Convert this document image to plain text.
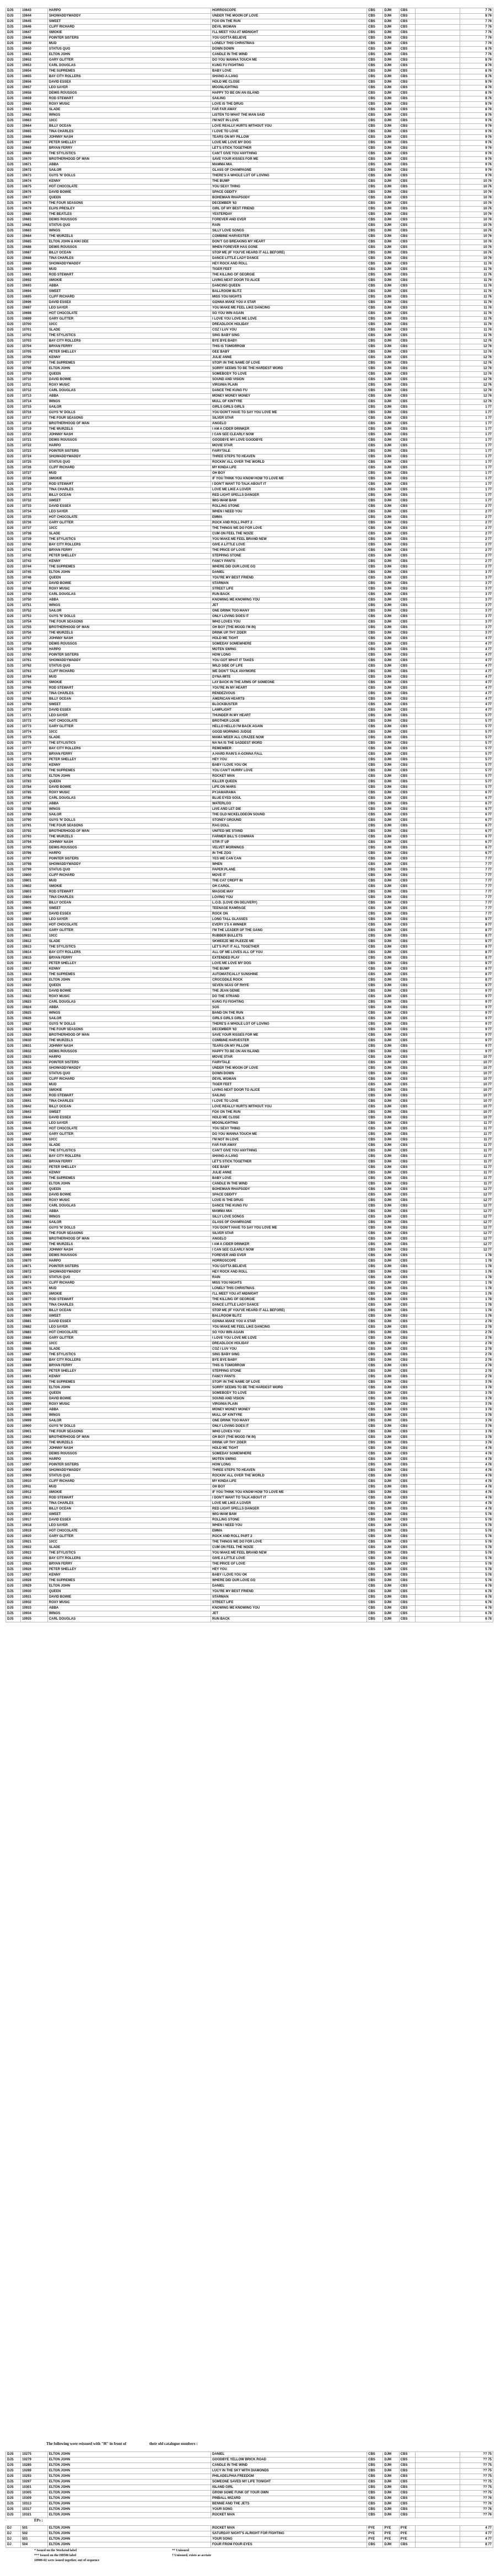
DJS	10643	HARPO	HORROSCOPE	CBS	DJM	CBS		7 76
DJS	10644	SHOWADDYWADDY	UNDER THE MOON OF LOVE	CBS	DJM	CBS		8 76
DJS	10645	SWEET	FOX ON THE RUN	CBS	DJM	CBS		7 76
DJS	10646	CLIFF RICHARD	DEVIL WOMAN	CBS	DJM	CBS		7 76
DJS	10647	SMOKIE	I'LL MEET YOU AT MIDNIGHT	CBS	DJM	CBS		7 76
DJS	10648	POINTER SISTERS	YOU GOTTA BELIEVE	CBS	DJM	CBS		7 76
DJS	10649	MUD	LONELY THIS CHRISTMAS	CBS	DJM	CBS		7 76
DJS	10650	STATUS QUO	DOWN DOWN	CBS	DJM	CBS		8 76
DJS	10651	ELTON JOHN	CANDLE IN THE WIND	CBS	DJM	CBS		7 76
DJS	10652	GARY GLITTER	DO YOU WANNA TOUCH ME	CBS	DJM	CBS		8 76
DJS	10653	CARL DOUGLAS	KUNG FU FIGHTING	CBS	DJM	CBS		8 76
DJS	10654	THE SUPREMES	BABY LOVE	CBS	DJM	CBS		8 76
DJS	10655	BAY CITY ROLLERS	SHANG-A-LANG	CBS	DJM	CBS		8 76
DJS	10656	DAVID ESSEX	HOLD ME CLOSE	CBS	DJM	CBS		8 76
DJS	10657	LEO SAYER	MOONLIGHTING	CBS	DJM	CBS		8 76
DJS	10658	DEMIS ROUSSOS	HAPPY TO BE ON AN ISLAND	CBS	DJM	CBS		8 76
DJS	10659	ROD STEWART	SAILING	CBS	DJM	CBS		8 76
DJS	10660	ROXY MUSIC	LOVE IS THE DRUG	CBS	DJM	CBS		8 76
DJS	10661	SLADE	FAR FAR AWAY	CBS	DJM	CBS		8 76
DJS	10662	WINGS	LISTEN TO WHAT THE MAN SAID	CBS	DJM	CBS		8 76
DJS	10663	10CC	I'M NOT IN LOVE	CBS	DJM	CBS		9 76
DJS	10664	BILLY OCEAN	LOVE REALLY HURTS WITHOUT YOU	CBS	DJM	CBS		9 76
DJS	10665	TINA CHARLES	I LOVE TO LOVE	CBS	DJM	CBS		9 76
DJS	10666	JOHNNY NASH	TEARS ON MY PILLOW	CBS	DJM	CBS		9 76
DJS	10667	PETER SHELLEY	LOVE ME LOVE MY DOG	CBS	DJM	CBS		9 76
DJS	10668	BRYAN FERRY	LET'S STICK TOGETHER	CBS	DJM	CBS		9 76
DJS	10669	THE STYLISTICS	CAN'T GIVE YOU ANYTHING	CBS	DJM	CBS		9 76
DJS	10670	BROTHERHOOD OF MAN	SAVE YOUR KISSES FOR ME	CBS	DJM	CBS		9 76
DJS	10671	ABBA	MAMMA MIA	CBS	DJM	CBS		9 76
DJS	10672	SAILOR	GLASS OF CHAMPAGNE	CBS	DJM	CBS		9 76
DJS	10673	GUYS 'N' DOLLS	THERE'S A WHOLE LOT OF LOVING	CBS	DJM	CBS		9 76
DJS	10674	KENNY	THE BUMP	CBS	DJM	CBS		10 76
DJS	10675	HOT CHOCOLATE	YOU SEXY THING	CBS	DJM	CBS		10 76
DJS	10676	DAVID BOWIE	SPACE ODDITY	CBS	DJM	CBS		10 76
DJS	10677	QUEEN	BOHEMIAN RHAPSODY	CBS	DJM	CBS		10 76
DJS	10678	THE FOUR SEASONS	DECEMBER '63	CBS	DJM	CBS		10 76
DJS	10679	ELVIS PRESLEY	GIRL OF MY BEST FRIEND	CBS	DJM	CBS		10 76
DJS	10680	THE BEATLES	YESTERDAY	CBS	DJM	CBS		10 76
DJS	10681	DEMIS ROUSSOS	FOREVER AND EVER	CBS	DJM	CBS		10 76
DJS	10682	STATUS QUO	RAIN	CBS	DJM	CBS		10 76
DJS	10683	WINGS	SILLY LOVE SONGS	CBS	DJM	CBS		10 76
DJS	10684	THE WURZELS	COMBINE HARVESTER	CBS	DJM	CBS		10 76
DJS	10685	ELTON JOHN & KIKI DEE	DON'T GO BREAKING MY HEART	CBS	DJM	CBS		10 76
DJS	10686	DEMIS ROUSSOS	WHEN FOREVER HAS GONE	CBS	DJM	CBS		10 76
DJS	10687	BILLY OCEAN	STOP ME (IF YOU'VE HEARD IT ALL BEFORE)	CBS	DJM	CBS		10 76
DJS	10688	TINA CHARLES	DANCE LITTLE LADY DANCE	CBS	DJM	CBS		10 76
DJS	10689	SHOWADDYWADDY	HEY ROCK AND ROLL	CBS	DJM	CBS		11 76
DJS	10690	MUD	TIGER FEET	CBS	DJM	CBS		11 76
DJS	10691	ROD STEWART	THE KILLING OF GEORGIE	CBS	DJM	CBS		11 76
DJS	10692	SMOKIE	LIVING NEXT DOOR TO ALICE	CBS	DJM	CBS		11 76
DJS	10693	ABBA	DANCING QUEEN	CBS	DJM	CBS		11 76
DJS	10694	SWEET	BALLROOM BLITZ	CBS	DJM	CBS		11 76
DJS	10695	CLIFF RICHARD	MISS YOU NIGHTS	CBS	DJM	CBS		11 76
DJS	10696	DAVID ESSEX	GONNA MAKE YOU A STAR	CBS	DJM	CBS		11 76
DJS	10697	LEO SAYER	YOU MAKE ME FEEL LIKE DANCING	CBS	DJM	CBS		11 76
DJS	10698	HOT CHOCOLATE	SO YOU WIN AGAIN	CBS	DJM	CBS		11 76
DJS	10699	GARY GLITTER	I LOVE YOU LOVE ME LOVE	CBS	DJM	CBS		11 76
DJS	10700	10CC	DREADLOCK HOLIDAY	CBS	DJM	CBS		11 76
DJS	10701	SLADE	COZ I LUV YOU	CBS	DJM	CBS		11 76
DJS	10702	THE STYLISTICS	SING BABY SING	CBS	DJM	CBS		11 76
DJS	10703	BAY CITY ROLLERS	BYE BYE BABY	CBS	DJM	CBS		12 76
DJS	10704	BRYAN FERRY	THIS IS TOMORROW	CBS	DJM	CBS		12 76
DJS	10705	PETER SHELLEY	GEE BABY	CBS	DJM	CBS		12 76
DJS	10706	KENNY	JULIE ANNE	CBS	DJM	CBS		12 76
DJS	10707	THE SUPREMES	STOP! IN THE NAME OF LOVE	CBS	DJM	CBS		12 76
DJS	10708	ELTON JOHN	SORRY SEEMS TO BE THE HARDEST WORD	CBS	DJM	CBS		12 76
DJS	10709	QUEEN	SOMEBODY TO LOVE	CBS	DJM	CBS		12 76
DJS	10710	DAVID BOWIE	SOUND AND VISION	CBS	DJM	CBS		12 76
DJS	10711	ROXY MUSIC	VIRGINIA PLAIN	CBS	DJM	CBS		12 76
DJS	10712	CARL DOUGLAS	DANCE THE KUNG FU	CBS	DJM	CBS		12 76
DJS	10713	ABBA	MONEY MONEY MONEY	CBS	DJM	CBS		12 76
DJS	10714	WINGS	MULL OF KINTYRE	CBS	DJM	CBS		12 76
DJS	10715	SAILOR	GIRLS GIRLS GIRLS	CBS	DJM	CBS		1 77
DJS	10716	GUYS 'N' DOLLS	YOU DON'T HAVE TO SAY YOU LOVE ME	CBS	DJM	CBS		1 77
DJS	10717	THE FOUR SEASONS	SILVER STAR	CBS	DJM	CBS		1 77
DJS	10718	BROTHERHOOD OF MAN	ANGELO	CBS	DJM	CBS		1 77
DJS	10719	THE WURZELS	I AM A CIDER DRINKER	CBS	DJM	CBS		1 77
DJS	10720	JOHNNY NASH	I CAN SEE CLEARLY NOW	CBS	DJM	CBS		1 77
DJS	10721	DEMIS ROUSSOS	GOODBYE MY LOVE GOODBYE	CBS	DJM	CBS		1 77
DJS	10722	HARPO	MOVIE STAR	CBS	DJM	CBS		1 77
DJS	10723	POINTER SISTERS	FAIRYTALE	CBS	DJM	CBS		1 77
DJS	10724	SHOWADDYWADDY	THREE STEPS TO HEAVEN	CBS	DJM	CBS		1 77
DJS	10725	STATUS QUO	ROCKIN' ALL OVER THE WORLD	CBS	DJM	CBS		1 77
DJS	10726	CLIFF RICHARD	MY KINDA LIFE	CBS	DJM	CBS		1 77
DJS	10727	MUD	OH BOY	CBS	DJM	CBS		1 77
DJS	10728	SMOKIE	IF YOU THINK YOU KNOW HOW TO LOVE ME	CBS	DJM	CBS		1 77
DJS	10729	ROD STEWART	I DON'T WANT TO TALK ABOUT IT	CBS	DJM	CBS		1 77
DJS	10730	TINA CHARLES	LOVE ME LIKE A LOVER	CBS	DJM	CBS		1 77
DJS	10731	BILLY OCEAN	RED LIGHT SPELLS DANGER	CBS	DJM	CBS		1 77
DJS	10732	SWEET	WIG-WAM BAM	CBS	DJM	CBS		1 77
DJS	10733	DAVID ESSEX	ROLLING STONE	CBS	DJM	CBS		2 77
DJS	10734	LEO SAYER	WHEN I NEED YOU	CBS	DJM	CBS		2 77
DJS	10735	HOT CHOCOLATE	EMMA	CBS	DJM	CBS		2 77
DJS	10736	GARY GLITTER	ROCK AND ROLL PART 2	CBS	DJM	CBS		2 77
DJS	10737	10CC	THE THINGS WE DO FOR LOVE	CBS	DJM	CBS		2 77
DJS	10738	SLADE	CUM ON FEEL THE NOIZE	CBS	DJM	CBS		2 77
DJS	10739	THE STYLISTICS	YOU MAKE ME FEEL BRAND NEW	CBS	DJM	CBS		2 77
DJS	10740	BAY CITY ROLLERS	GIVE A LITTLE LOVE	CBS	DJM	CBS		2 77
DJS	10741	BRYAN FERRY	THE PRICE OF LOVE	CBS	DJM	CBS		2 77
DJS	10742	PETER SHELLEY	STEPPING STONE	CBS	DJM	CBS		2 77
DJS	10743	KENNY	FANCY PANTS	CBS	DJM	CBS		2 77
DJS	10744	THE SUPREMES	WHERE DID OUR LOVE GO	CBS	DJM	CBS		2 77
DJS	10745	ELTON JOHN	DANIEL	CBS	DJM	CBS		3 77
DJS	10746	QUEEN	YOU'RE MY BEST FRIEND	CBS	DJM	CBS		3 77
DJS	10747	DAVID BOWIE	STARMAN	CBS	DJM	CBS		3 77
DJS	10748	ROXY MUSIC	STREET LIFE	CBS	DJM	CBS		3 77
DJS	10749	CARL DOUGLAS	RUN BACK	CBS	DJM	CBS		3 77
DJS	10750	ABBA	KNOWING ME KNOWING YOU	CBS	DJM	CBS		3 77
DJS	10751	WINGS	JET	CBS	DJM	CBS		3 77
DJS	10752	SAILOR	ONE DRINK TOO MANY	CBS	DJM	CBS		3 77
DJS	10753	GUYS 'N' DOLLS	ONLY LOVING DOES IT	CBS	DJM	CBS		3 77
DJS	10754	THE FOUR SEASONS	WHO LOVES YOU	CBS	DJM	CBS		3 77
DJS	10755	BROTHERHOOD OF MAN	OH BOY (THE MOOD I'M IN)	CBS	DJM	CBS		3 77
DJS	10756	THE WURZELS	DRINK UP THY ZIDER	CBS	DJM	CBS		3 77
DJS	10757	JOHNNY NASH	HOLD ME TIGHT	CBS	DJM	CBS		4 77
DJS	10758	DEMIS ROUSSOS	SOMEDAY SOMEWHERE	CBS	DJM	CBS		4 77
DJS	10759	HARPO	MOTEN SWING	CBS	DJM	CBS		4 77
DJS	10760	POINTER SISTERS	HOW LONG	CBS	DJM	CBS		4 77
DJS	10761	SHOWADDYWADDY	YOU GOT WHAT IT TAKES	CBS	DJM	CBS		4 77
DJS	10762	STATUS QUO	WILD SIDE OF LIFE	CBS	DJM	CBS		4 77
DJS	10763	CLIFF RICHARD	WE DON'T TALK ANYMORE	CBS	DJM	CBS		4 77
DJS	10764	MUD	DYNA-MITE	CBS	DJM	CBS		4 77
DJS	10765	SMOKIE	LAY BACK IN THE ARMS OF SOMEONE	CBS	DJM	CBS		4 77
DJS	10766	ROD STEWART	YOU'RE IN MY HEART	CBS	DJM	CBS		4 77
DJS	10767	TINA CHARLES	RENDEZVOUS	CBS	DJM	CBS		4 77
DJS	10768	BILLY OCEAN	AMERICAN HEARTS	CBS	DJM	CBS		4 77
DJS	10769	SWEET	BLOCKBUSTER	CBS	DJM	CBS		4 77
DJS	10770	DAVID ESSEX	LAMPLIGHT	CBS	DJM	CBS		4 77
DJS	10771	LEO SAYER	THUNDER IN MY HEART	CBS	DJM	CBS		5 77
DJS	10772	HOT CHOCOLATE	BROTHER LOUIE	CBS	DJM	CBS		5 77
DJS	10773	GARY GLITTER	HELLO HELLO I'M BACK AGAIN	CBS	DJM	CBS		5 77
DJS	10774	10CC	GOOD MORNING JUDGE	CBS	DJM	CBS		5 77
DJS	10775	SLADE	MAMA WEER ALL CRAZEE NOW	CBS	DJM	CBS		5 77
DJS	10776	THE STYLISTICS	NA NA IS THE SADDEST WORD	CBS	DJM	CBS		5 77
DJS	10777	BAY CITY ROLLERS	REMEMBER	CBS	DJM	CBS		5 77
DJS	10778	BRYAN FERRY	A HARD RAIN'S A-GONNA FALL	CBS	DJM	CBS		5 77
DJS	10779	PETER SHELLEY	HEY YOU	CBS	DJM	CBS		5 77
DJS	10780	KENNY	BABY I LOVE YOU OK	CBS	DJM	CBS		5 77
DJS	10781	THE SUPREMES	YOU CAN'T HURRY LOVE	CBS	DJM	CBS		5 77
DJS	10782	ELTON JOHN	ROCKET MAN	CBS	DJM	CBS		5 77
DJS	10783	QUEEN	KILLER QUEEN	CBS	DJM	CBS		5 77
DJS	10784	DAVID BOWIE	LIFE ON MARS	CBS	DJM	CBS		5 77
DJS	10785	ROXY MUSIC	PYJAMARAMA	CBS	DJM	CBS		6 77
DJS	10786	CARL DOUGLAS	BLUE EYED SOUL	CBS	DJM	CBS		6 77
DJS	10787	ABBA	WATERLOO	CBS	DJM	CBS		6 77
DJS	10788	WINGS	LIVE AND LET DIE	CBS	DJM	CBS		6 77
DJS	10789	SAILOR	THE OLD NICKELODEON SOUND	CBS	DJM	CBS		6 77
DJS	10790	GUYS 'N' DOLLS	STONEY GROUND	CBS	DJM	CBS		6 77
DJS	10791	THE FOUR SEASONS	RAG DOLL	CBS	DJM	CBS		6 77
DJS	10792	BROTHERHOOD OF MAN	UNITED WE STAND	CBS	DJM	CBS		6 77
DJS	10793	THE WURZELS	FARMER BILL'S COWMAN	CBS	DJM	CBS		6 77
DJS	10794	JOHNNY NASH	STIR IT UP	CBS	DJM	CBS		6 77
DJS	10795	DEMIS ROUSSOS	VELVET MORNINGS	CBS	DJM	CBS		6 77
DJS	10796	HARPO	IN THE ZOO	CBS	DJM	CBS		6 77
DJS	10797	POINTER SISTERS	YES WE CAN CAN	CBS	DJM	CBS		7 77
DJS	10798	SHOWADDYWADDY	WHEN	CBS	DJM	CBS		7 77
DJS	10799	STATUS QUO	PAPER PLANE	CBS	DJM	CBS		7 77
DJS	10800	CLIFF RICHARD	MOVE IT	CBS	DJM	CBS		7 77
DJS	10801	MUD	THE CAT CREPT IN	CBS	DJM	CBS		7 77
DJS	10802	SMOKIE	OH CAROL	CBS	DJM	CBS		7 77
DJS	10803	ROD STEWART	MAGGIE MAY	CBS	DJM	CBS		7 77
DJS	10804	TINA CHARLES	LOVING YOU	CBS	DJM	CBS		7 77
DJS	10805	BILLY OCEAN	L.O.D. (LOVE ON DELIVERY)	CBS	DJM	CBS		7 77
DJS	10806	SWEET	TEENAGE RAMPAGE	CBS	DJM	CBS		7 77
DJS	10807	DAVID ESSEX	ROCK ON	CBS	DJM	CBS		7 77
DJS	10808	LEO SAYER	LONG TALL GLASSES	CBS	DJM	CBS		8 77
DJS	10809	HOT CHOCOLATE	EVERY 1'S A WINNER	CBS	DJM	CBS		8 77
DJS	10810	GARY GLITTER	I'M THE LEADER OF THE GANG	CBS	DJM	CBS		8 77
DJS	10811	10CC	RUBBER BULLETS	CBS	DJM	CBS		8 77
DJS	10812	SLADE	SKWEEZE ME PLEEZE ME	CBS	DJM	CBS		8 77
DJS	10813	THE STYLISTICS	LET'S PUT IT ALL TOGETHER	CBS	DJM	CBS		8 77
DJS	10814	BAY CITY ROLLERS	ALL OF ME LOVES ALL OF YOU	CBS	DJM	CBS		8 77
DJS	10815	BRYAN FERRY	EXTENDED PLAY	CBS	DJM	CBS		8 77
DJS	10816	PETER SHELLEY	LOVE ME LOVE MY DOG	CBS	DJM	CBS		8 77
DJS	10817	KENNY	THE BUMP	CBS	DJM	CBS		8 77
DJS	10818	THE SUPREMES	AUTOMATICALLY SUNSHINE	CBS	DJM	CBS		8 77
DJS	10819	ELTON JOHN	CROCODILE ROCK	CBS	DJM	CBS		8 77
DJS	10820	QUEEN	SEVEN SEAS OF RHYE	CBS	DJM	CBS		8 77
DJS	10821	DAVID BOWIE	THE JEAN GENIE	CBS	DJM	CBS		9 77
DJS	10822	ROXY MUSIC	DO THE STRAND	CBS	DJM	CBS		9 77
DJS	10823	CARL DOUGLAS	KUNG FU FIGHTING	CBS	DJM	CBS		9 77
DJS	10824	ABBA	SOS	CBS	DJM	CBS		9 77
DJS	10825	WINGS	BAND ON THE RUN	CBS	DJM	CBS		9 77
DJS	10826	SAILOR	GIRLS GIRLS GIRLS	CBS	DJM	CBS		9 77
DJS	10827	GUYS 'N' DOLLS	THERE'S A WHOLE LOT OF LOVING	CBS	DJM	CBS		9 77
DJS	10828	THE FOUR SEASONS	DECEMBER '63	CBS	DJM	CBS		9 77
DJS	10829	BROTHERHOOD OF MAN	SAVE YOUR KISSES FOR ME	CBS	DJM	CBS		9 77
DJS	10830	THE WURZELS	COMBINE HARVESTER	CBS	DJM	CBS		9 77
DJS	10831	JOHNNY NASH	TEARS ON MY PILLOW	CBS	DJM	CBS		9 77
DJS	10832	DEMIS ROUSSOS	HAPPY TO BE ON AN ISLAND	CBS	DJM	CBS		9 77
DJS	10833	HARPO	MOVIE STAR	CBS	DJM	CBS		10 77
DJS	10834	POINTER SISTERS	FAIRYTALE	CBS	DJM	CBS		10 77
DJS	10835	SHOWADDYWADDY	UNDER THE MOON OF LOVE	CBS	DJM	CBS		10 77
DJS	10836	STATUS QUO	DOWN DOWN	CBS	DJM	CBS		10 77
DJS	10837	CLIFF RICHARD	DEVIL WOMAN	CBS	DJM	CBS		10 77
DJS	10838	MUD	TIGER FEET	CBS	DJM	CBS		10 77
DJS	10839	SMOKIE	LIVING NEXT DOOR TO ALICE	CBS	DJM	CBS		10 77
DJS	10840	ROD STEWART	SAILING	CBS	DJM	CBS		10 77
DJS	10841	TINA CHARLES	I LOVE TO LOVE	CBS	DJM	CBS		10 77
DJS	10842	BILLY OCEAN	LOVE REALLY HURTS WITHOUT YOU	CBS	DJM	CBS		10 77
DJS	10843	SWEET	FOX ON THE RUN	CBS	DJM	CBS		10 77
DJS	10844	DAVID ESSEX	HOLD ME CLOSE	CBS	DJM	CBS		10 77
DJS	10845	LEO SAYER	MOONLIGHTING	CBS	DJM	CBS		11 77
DJS	10846	HOT CHOCOLATE	YOU SEXY THING	CBS	DJM	CBS		11 77
DJS	10847	GARY GLITTER	DO YOU WANNA TOUCH ME	CBS	DJM	CBS		11 77
DJS	10848	10CC	I'M NOT IN LOVE	CBS	DJM	CBS		11 77
DJS	10849	SLADE	FAR FAR AWAY	CBS	DJM	CBS		11 77
DJS	10850	THE STYLISTICS	CAN'T GIVE YOU ANYTHING	CBS	DJM	CBS		11 77
DJS	10851	BAY CITY ROLLERS	SHANG-A-LANG	CBS	DJM	CBS		11 77
DJS	10852	BRYAN FERRY	LET'S STICK TOGETHER	CBS	DJM	CBS		11 77
DJS	10853	PETER SHELLEY	GEE BABY	CBS	DJM	CBS		11 77
DJS	10854	KENNY	JULIE ANNE	CBS	DJM	CBS		11 77
DJS	10855	THE SUPREMES	BABY LOVE	CBS	DJM	CBS		11 77
DJS	10856	ELTON JOHN	CANDLE IN THE WIND	CBS	DJM	CBS		11 77
DJS	10857	QUEEN	BOHEMIAN RHAPSODY	CBS	DJM	CBS		12 77
DJS	10858	DAVID BOWIE	SPACE ODDITY	CBS	DJM	CBS		12 77
DJS	10859	ROXY MUSIC	LOVE IS THE DRUG	CBS	DJM	CBS		12 77
DJS	10860	CARL DOUGLAS	DANCE THE KUNG FU	CBS	DJM	CBS		12 77
DJS	10861	ABBA	MAMMA MIA	CBS	DJM	CBS		12 77
DJS	10862	WINGS	SILLY LOVE SONGS	CBS	DJM	CBS		12 77
DJS	10863	SAILOR	GLASS OF CHAMPAGNE	CBS	DJM	CBS		12 77
DJS	10864	GUYS 'N' DOLLS	YOU DON'T HAVE TO SAY YOU LOVE ME	CBS	DJM	CBS		12 77
DJS	10865	THE FOUR SEASONS	SILVER STAR	CBS	DJM	CBS		12 77
DJS	10866	BROTHERHOOD OF MAN	ANGELO	CBS	DJM	CBS		12 77
DJS	10867	THE WURZELS	I AM A CIDER DRINKER	CBS	DJM	CBS		12 77
DJS	10868	JOHNNY NASH	I CAN SEE CLEARLY NOW	CBS	DJM	CBS		12 77
DJS	10869	DEMIS ROUSSOS	FOREVER AND EVER	CBS	DJM	CBS		1 78
DJS	10870	HARPO	HORROSCOPE	CBS	DJM	CBS		1 78
DJS	10871	POINTER SISTERS	YOU GOTTA BELIEVE	CBS	DJM	CBS		1 78
DJS	10872	SHOWADDYWADDY	HEY ROCK AND ROLL	CBS	DJM	CBS		1 78
DJS	10873	STATUS QUO	RAIN	CBS	DJM	CBS		1 78
DJS	10874	CLIFF RICHARD	MISS YOU NIGHTS	CBS	DJM	CBS		1 78
DJS	10875	MUD	LONELY THIS CHRISTMAS	CBS	DJM	CBS		1 78
DJS	10876	SMOKIE	I'LL MEET YOU AT MIDNIGHT	CBS	DJM	CBS		1 78
DJS	10877	ROD STEWART	THE KILLING OF GEORGIE	CBS	DJM	CBS		1 78
DJS	10878	TINA CHARLES	DANCE LITTLE LADY DANCE	CBS	DJM	CBS		1 78
DJS	10879	BILLY OCEAN	STOP ME (IF YOU'VE HEARD IT ALL BEFORE)	CBS	DJM	CBS		1 78
DJS	10880	SWEET	BALLROOM BLITZ	CBS	DJM	CBS		1 78
DJS	10881	DAVID ESSEX	GONNA MAKE YOU A STAR	CBS	DJM	CBS		2 78
DJS	10882	LEO SAYER	YOU MAKE ME FEEL LIKE DANCING	CBS	DJM	CBS		2 78
DJS	10883	HOT CHOCOLATE	SO YOU WIN AGAIN	CBS	DJM	CBS		2 78
DJS	10884	GARY GLITTER	I LOVE YOU LOVE ME LOVE	CBS	DJM	CBS		2 78
DJS	10885	10CC	DREADLOCK HOLIDAY	CBS	DJM	CBS		2 78
DJS	10886	SLADE	COZ I LUV YOU	CBS	DJM	CBS		2 78
DJS	10887	THE STYLISTICS	SING BABY SING	CBS	DJM	CBS		2 78
DJS	10888	BAY CITY ROLLERS	BYE BYE BABY	CBS	DJM	CBS		2 78
DJS	10889	BRYAN FERRY	THIS IS TOMORROW	CBS	DJM	CBS		2 78
DJS	10890	PETER SHELLEY	STEPPING STONE	CBS	DJM	CBS		2 78
DJS	10891	KENNY	FANCY PANTS	CBS	DJM	CBS		2 78
DJS	10892	THE SUPREMES	STOP! IN THE NAME OF LOVE	CBS	DJM	CBS		3 78
DJS	10893	ELTON JOHN	SORRY SEEMS TO BE THE HARDEST WORD	CBS	DJM	CBS		3 78
DJS	10894	QUEEN	SOMEBODY TO LOVE	CBS	DJM	CBS		3 78
DJS	10895	DAVID BOWIE	SOUND AND VISION	CBS	DJM	CBS		3 78
DJS	10896	ROXY MUSIC	VIRGINIA PLAIN	CBS	DJM	CBS		3 78
DJS	10897	ABBA	MONEY MONEY MONEY	CBS	DJM	CBS		3 78
DJS	10898	WINGS	MULL OF KINTYRE	CBS	DJM	CBS		3 78
DJS	10899	SAILOR	ONE DRINK TOO MANY	CBS	DJM	CBS		3 78
DJS	10900	GUYS 'N' DOLLS	ONLY LOVING DOES IT	CBS	DJM	CBS		3 78
DJS	10901	THE FOUR SEASONS	WHO LOVES YOU	CBS	DJM	CBS		3 78
DJS	10902	BROTHERHOOD OF MAN	OH BOY (THE MOOD I'M IN)	CBS	DJM	CBS		3 78
DJS	10903	THE WURZELS	DRINK UP THY ZIDER	CBS	DJM	CBS		3 78
DJS	10904	JOHNNY NASH	HOLD ME TIGHT	CBS	DJM	CBS		4 78
DJS	10905	DEMIS ROUSSOS	SOMEDAY SOMEWHERE	CBS	DJM	CBS		4 78
DJS	10906	HARPO	MOTEN SWING	CBS	DJM	CBS		4 78
DJS	10907	POINTER SISTERS	HOW LONG	CBS	DJM	CBS		4 78
DJS	10908	SHOWADDYWADDY	THREE STEPS TO HEAVEN	CBS	DJM	CBS		4 78
DJS	10909	STATUS QUO	ROCKIN' ALL OVER THE WORLD	CBS	DJM	CBS		4 78
DJS	10910	CLIFF RICHARD	MY KINDA LIFE	CBS	DJM	CBS		4 78
DJS	10911	MUD	OH BOY	CBS	DJM	CBS		4 78
DJS	10912	SMOKIE	IF YOU THINK YOU KNOW HOW TO LOVE ME	CBS	DJM	CBS		4 78
DJS	10913	ROD STEWART	I DON'T WANT TO TALK ABOUT IT	CBS	DJM	CBS		4 78
DJS	10914	TINA CHARLES	LOVE ME LIKE A LOVER	CBS	DJM	CBS		4 78
DJS	10915	BILLY OCEAN	RED LIGHT SPELLS DANGER	CBS	DJM	CBS		4 78
DJS	10916	SWEET	WIG-WAM BAM	CBS	DJM	CBS		5 78
DJS	10917	DAVID ESSEX	ROLLING STONE	CBS	DJM	CBS		5 78
DJS	10918	LEO SAYER	WHEN I NEED YOU	CBS	DJM	CBS		5 78
DJS	10919	HOT CHOCOLATE	EMMA	CBS	DJM	CBS		5 78
DJS	10920	GARY GLITTER	ROCK AND ROLL PART 2	CBS	DJM	CBS		5 78
DJS	10921	10CC	THE THINGS WE DO FOR LOVE	CBS	DJM	CBS		5 78
DJS	10922	SLADE	CUM ON FEEL THE NOIZE	CBS	DJM	CBS		5 78
DJS	10923	THE STYLISTICS	YOU MAKE ME FEEL BRAND NEW	CBS	DJM	CBS		5 78
DJS	10924	BAY CITY ROLLERS	GIVE A LITTLE LOVE	CBS	DJM	CBS		5 78
DJS	10925	BRYAN FERRY	THE PRICE OF LOVE	CBS	DJM	CBS		5 78
DJS	10926	PETER SHELLEY	HEY YOU	CBS	DJM	CBS		5 78
DJS	10927	KENNY	BABY I LOVE YOU OK	CBS	DJM	CBS		5 78
DJS	10928	THE SUPREMES	WHERE DID OUR LOVE GO	CBS	DJM	CBS		5 78
DJS	10929	ELTON JOHN	DANIEL	CBS	DJM	CBS		6 78
DJS	10930	QUEEN	YOU'RE MY BEST FRIEND	CBS	DJM	CBS		6 78
DJS	10931	DAVID BOWIE	STARMAN	CBS	DJM	CBS		6 78
DJS	10932	ROXY MUSIC	STREET LIFE	CBS	DJM	CBS		6 78
DJS	10933	ABBA	KNOWING ME KNOWING YOU	CBS	DJM	CBS		6 78
DJS	10934	WINGS	JET	CBS	DJM	CBS		6 78
DJS	10935	CARL DOUGLAS	RUN BACK	CBS	DJM	CBS		6 78
The following were reissued with "H" in front of	their old catalogue numbers :
DJS	10275	ELTON JOHN	DANIEL	CBS	DJM	CBS		?? 75
DJS	10279	ELTON JOHN	GOODBYE YELLOW BRICK ROAD	CBS	DJM	CBS		?? 75
DJS	10285	ELTON JOHN	CANDLE IN THE WIND	CBS	DJM	CBS		?? 75
DJS	10289	ELTON JOHN	LUCY IN THE SKY WITH DIAMONDS	CBS	DJM	CBS		?? 75
DJS	10293	ELTON JOHN	PHILADELPHIA FREEDOM	CBS	DJM	CBS		?? 75
DJS	10297	ELTON JOHN	SOMEONE SAVED MY LIFE TONIGHT	CBS	DJM	CBS		?? 75
DJS	10301	ELTON JOHN	ISLAND GIRL	CBS	DJM	CBS		?? 75
DJS	10305	ELTON JOHN	GROW SOME FUNK OF YOUR OWN	CBS	DJM	CBS		?? 75
DJS	10309	ELTON JOHN	PINBALL WIZARD	CBS	DJM	CBS		?? 76
DJS	10313	ELTON JOHN	BENNIE AND THE JETS	CBS	DJM	CBS		?? 76
DJS	10317	ELTON JOHN	YOUR SONG	CBS	DJM	CBS		?? 76
DJS	10321	ELTON JOHN	ROCKET MAN	CBS	DJM	CBS		?? 76
EPs :
DJ	501	ELTON JOHN	ROCKET MAN	PYE	PYE	PYE		4 77
DJ	502	ELTON JOHN	SATURDAY NIGHT'S ALRIGHT FOR FIGHTING	PYE	PYE	PYE		4 77
DJ	503	ELTON JOHN	YOUR SONG	PYE	PYE	PYE		4 77
DJ	504	ELTON JOHN	FOUR FROM FOUR EYES	CBS	DJM	CBS		8 77
* Issued on the Weekend label	** Unissued
*** Issued on the H8500 label	† Unissued, exists as acetate
10900-02 were issued together, out of sequence
